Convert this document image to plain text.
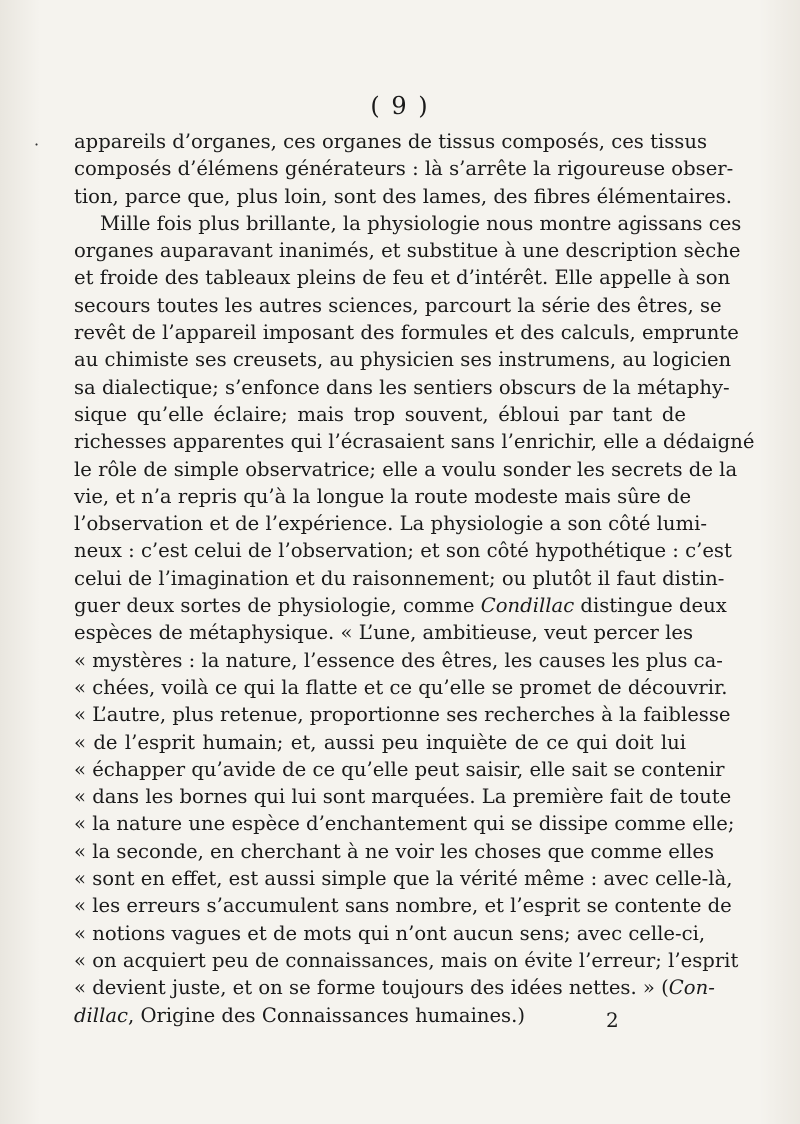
·
( 9 )
appareils d’organes, ces organes de tissus composés, ces tissus
composés d’élémens générateurs : là s’arrête la rigoureuse obser-
tion, parce que, plus loin, sont des lames, des fibres élémentaires.
Mille fois plus brillante, la physiologie nous montre agissans ces
organes auparavant inanimés, et substitue à une description sèche
et froide des tableaux pleins de feu et d’intérêt. Elle appelle à son
secours toutes les autres sciences, parcourt la série des êtres, se
revêt de l’appareil imposant des formules et des calculs, emprunte
au chimiste ses creusets, au physicien ses instrumens, au logicien
sa dialectique; s’enfonce dans les sentiers obscurs de la métaphy-
sique qu’elle éclaire; mais trop souvent, ébloui par tant de
richesses apparentes qui l’écrasaient sans l’enrichir, elle a dédaigné
le rôle de simple observatrice; elle a voulu sonder les secrets de la
vie, et n’a repris qu’à la longue la route modeste mais sûre de
l’observation et de l’expérience. La physiologie a son côté lumi-
neux : c’est celui de l’observation; et son côté hypothétique : c’est
celui de l’imagination et du raisonnement; ou plutôt il faut distin-
guer deux sortes de physiologie, comme Condillac distingue deux
espèces de métaphysique. « L’une, ambitieuse, veut percer les
« mystères : la nature, l’essence des êtres, les causes les plus ca-
« chées, voilà ce qui la flatte et ce qu’elle se promet de découvrir.
« L’autre, plus retenue, proportionne ses recherches à la faiblesse
« de l’esprit humain; et, aussi peu inquiète de ce qui doit lui
« échapper qu’avide de ce qu’elle peut saisir, elle sait se contenir
« dans les bornes qui lui sont marquées. La première fait de toute
« la nature une espèce d’enchantement qui se dissipe comme elle;
« la seconde, en cherchant à ne voir les choses que comme elles
« sont en effet, est aussi simple que la vérité même : avec celle-là,
« les erreurs s’accumulent sans nombre, et l’esprit se contente de
« notions vagues et de mots qui n’ont aucun sens; avec celle-ci,
« on acquiert peu de connaissances, mais on évite l’erreur; l’esprit
« devient juste, et on se forme toujours des idées nettes. » (Con-
dillac, Origine des Connaissances humaines.)	2
